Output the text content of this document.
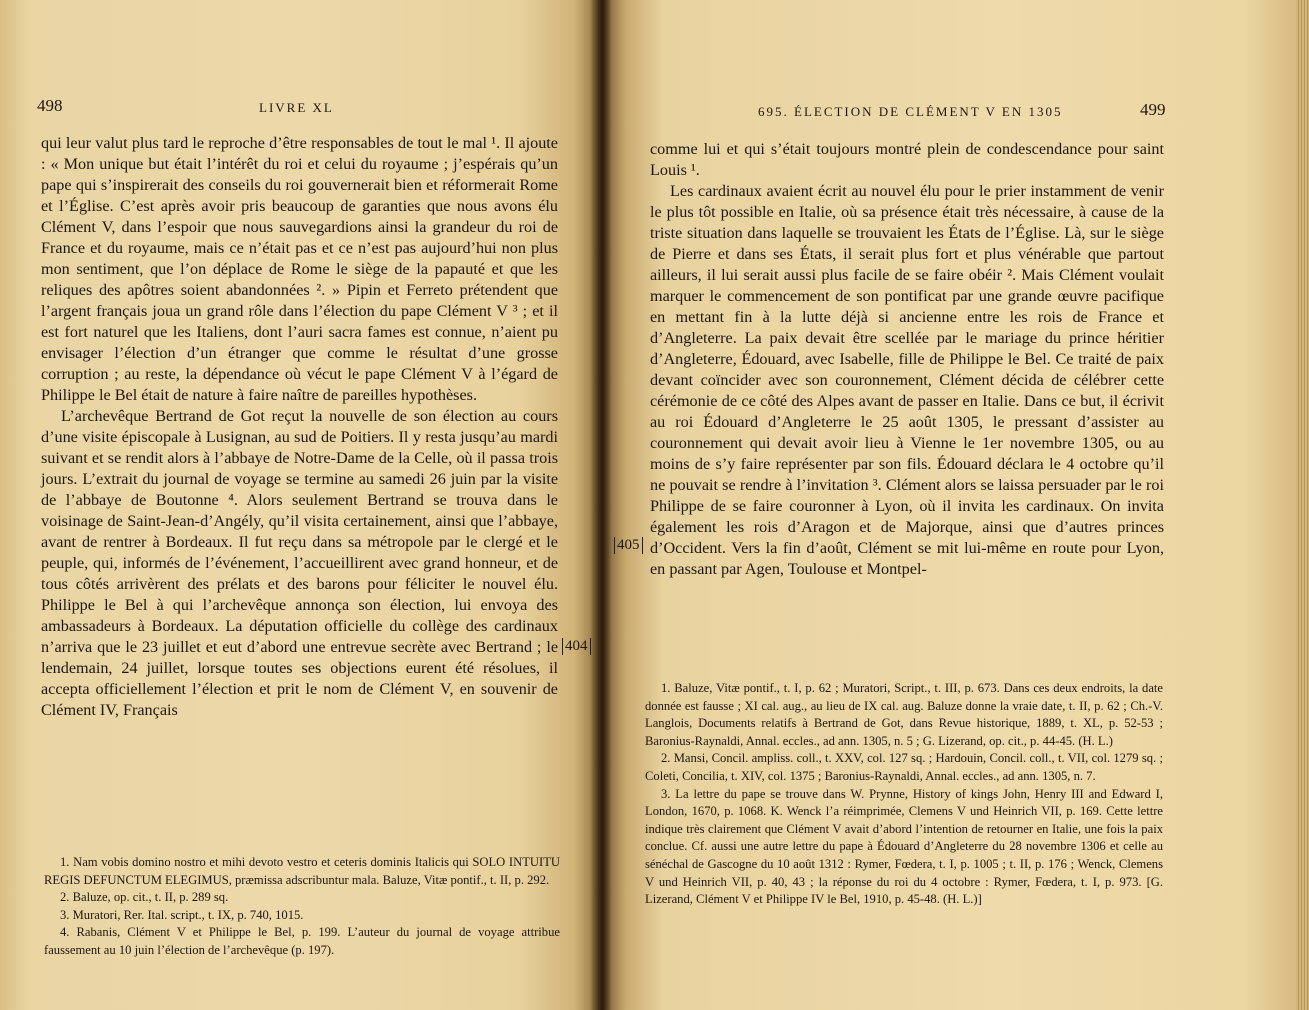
498	LIVRE XL

qui leur valut plus tard le reproche d’être responsables de tout le mal ¹. Il ajoute : « Mon unique but était l’intérêt du roi et celui du royaume ; j’espérais qu’un pape qui s’inspirerait des conseils du roi gouvernerait bien et réformerait Rome et l’Église. C’est après avoir pris beaucoup de garanties que nous avons élu Clément V, dans l’espoir que nous sauvegardions ainsi la grandeur du roi de France et du royaume, mais ce n’était pas et ce n’est pas aujourd’hui non plus mon sentiment, que l’on déplace de Rome le siège de la papauté et que les reliques des apôtres soient abandonnées ². » Pipin et Ferreto prétendent que l’argent français joua un grand rôle dans l’élection du pape Clément V ³ ; et il est fort naturel que les Italiens, dont l’auri sacra fames est connue, n’aient pu envisager l’élection d’un étranger que comme le résultat d’une grosse corruption ; au reste, la dépendance où vécut le pape Clément V à l’égard de Philippe le Bel était de nature à faire naître de pareilles hypothèses.

L’archevêque Bertrand de Got reçut la nouvelle de son élection au cours d’une visite épiscopale à Lusignan, au sud de Poitiers. Il y resta jusqu’au mardi suivant et se rendit alors à l’abbaye de Notre-Dame de la Celle, où il passa trois jours. L’extrait du journal de voyage se termine au samedi 26 juin par la visite de l’abbaye de Boutonne ⁴. Alors seulement Bertrand se trouva dans le voisinage de Saint-Jean-d’Angély, qu’il visita certainement, ainsi que l’abbaye, avant de rentrer à Bordeaux. Il fut reçu dans sa métropole par le clergé et le peuple, qui, informés de l’événement, l’accueillirent avec grand honneur, et de tous côtés arrivèrent des prélats et des barons pour féliciter le nouvel élu. Philippe le Bel à qui l’archevêque annonça son élection, lui envoya des ambassadeurs à Bordeaux. La députation officielle du collège des cardinaux n’arriva que le 23 juillet et eut d’abord une entrevue secrète avec Bertrand ; le lendemain, 24 juillet, lorsque toutes ses objections eurent été résolues, il accepta officiellement l’élection et prit le nom de Clément V, en souvenir de Clément IV, Français

1. Nam vobis domino nostro et mihi devoto vestro et ceteris dominis Italicis qui SOLO INTUITU REGIS DEFUNCTUM ELEGIMUS, præmissa adscribuntur mala. Baluze, Vitæ pontif., t. II, p. 292.

2. Baluze, op. cit., t. II, p. 289 sq.

3. Muratori, Rer. Ital. script., t. IX, p. 740, 1015.

4. Rabanis, Clément V et Philippe le Bel, p. 199. L’auteur du journal de voyage attribue faussement au 10 juin l’élection de l’archevêque (p. 197).

404
695. ÉLECTION DE CLÉMENT V EN 1305	499

comme lui et qui s’était toujours montré plein de condescendance pour saint Louis ¹.

Les cardinaux avaient écrit au nouvel élu pour le prier instamment de venir le plus tôt possible en Italie, où sa présence était très nécessaire, à cause de la triste situation dans laquelle se trouvaient les États de l’Église. Là, sur le siège de Pierre et dans ses États, il serait plus fort et plus vénérable que partout ailleurs, il lui serait aussi plus facile de se faire obéir ². Mais Clément voulait marquer le commencement de son pontificat par une grande œuvre pacifique en mettant fin à la lutte déjà si ancienne entre les rois de France et d’Angleterre. La paix devait être scellée par le mariage du prince héritier d’Angleterre, Édouard, avec Isabelle, fille de Philippe le Bel. Ce traité de paix devant coïncider avec son couronnement, Clément décida de célébrer cette cérémonie de ce côté des Alpes avant de passer en Italie. Dans ce but, il écrivit au roi Édouard d’Angleterre le 25 août 1305, le pressant d’assister au couronnement qui devait avoir lieu à Vienne le 1er novembre 1305, ou au moins de s’y faire représenter par son fils. Édouard déclara le 4 octobre qu’il ne pouvait se rendre à l’invitation ³. Clément alors se laissa persuader par le roi Philippe de se faire couronner à Lyon, où il invita les cardinaux. On invita également les rois d’Aragon et de Majorque, ainsi que d’autres princes d’Occident. Vers la fin d’août, Clément se mit lui-même en route pour Lyon, en passant par Agen, Toulouse et Montpel-

405

1. Baluze, Vitæ pontif., t. I, p. 62 ; Muratori, Script., t. III, p. 673. Dans ces deux endroits, la date donnée est fausse ; XI cal. aug., au lieu de IX cal. aug. Baluze donne la vraie date, t. II, p. 62 ; Ch.-V. Langlois, Documents relatifs à Bertrand de Got, dans Revue historique, 1889, t. XL, p. 52-53 ; Baronius-Raynaldi, Annal. eccles., ad ann. 1305, n. 5 ; G. Lizerand, op. cit., p. 44-45. (H. L.)

2. Mansi, Concil. ampliss. coll., t. XXV, col. 127 sq. ; Hardouin, Concil. coll., t. VII, col. 1279 sq. ; Coleti, Concilia, t. XIV, col. 1375 ; Baronius-Raynaldi, Annal. eccles., ad ann. 1305, n. 7.

3. La lettre du pape se trouve dans W. Prynne, History of kings John, Henry III and Edward I, London, 1670, p. 1068. K. Wenck l’a réimprimée, Clemens V und Heinrich VII, p. 169. Cette lettre indique très clairement que Clément V avait d’abord l’intention de retourner en Italie, une fois la paix conclue. Cf. aussi une autre lettre du pape à Édouard d’Angleterre du 28 novembre 1306 et celle au sénéchal de Gascogne du 10 août 1312 : Rymer, Fœdera, t. I, p. 1005 ; t. II, p. 176 ; Wenck, Clemens V und Heinrich VII, p. 40, 43 ; la réponse du roi du 4 octobre : Rymer, Fœdera, t. I, p. 973. [G. Lizerand, Clément V et Philippe IV le Bel, 1910, p. 45-48. (H. L.)]
